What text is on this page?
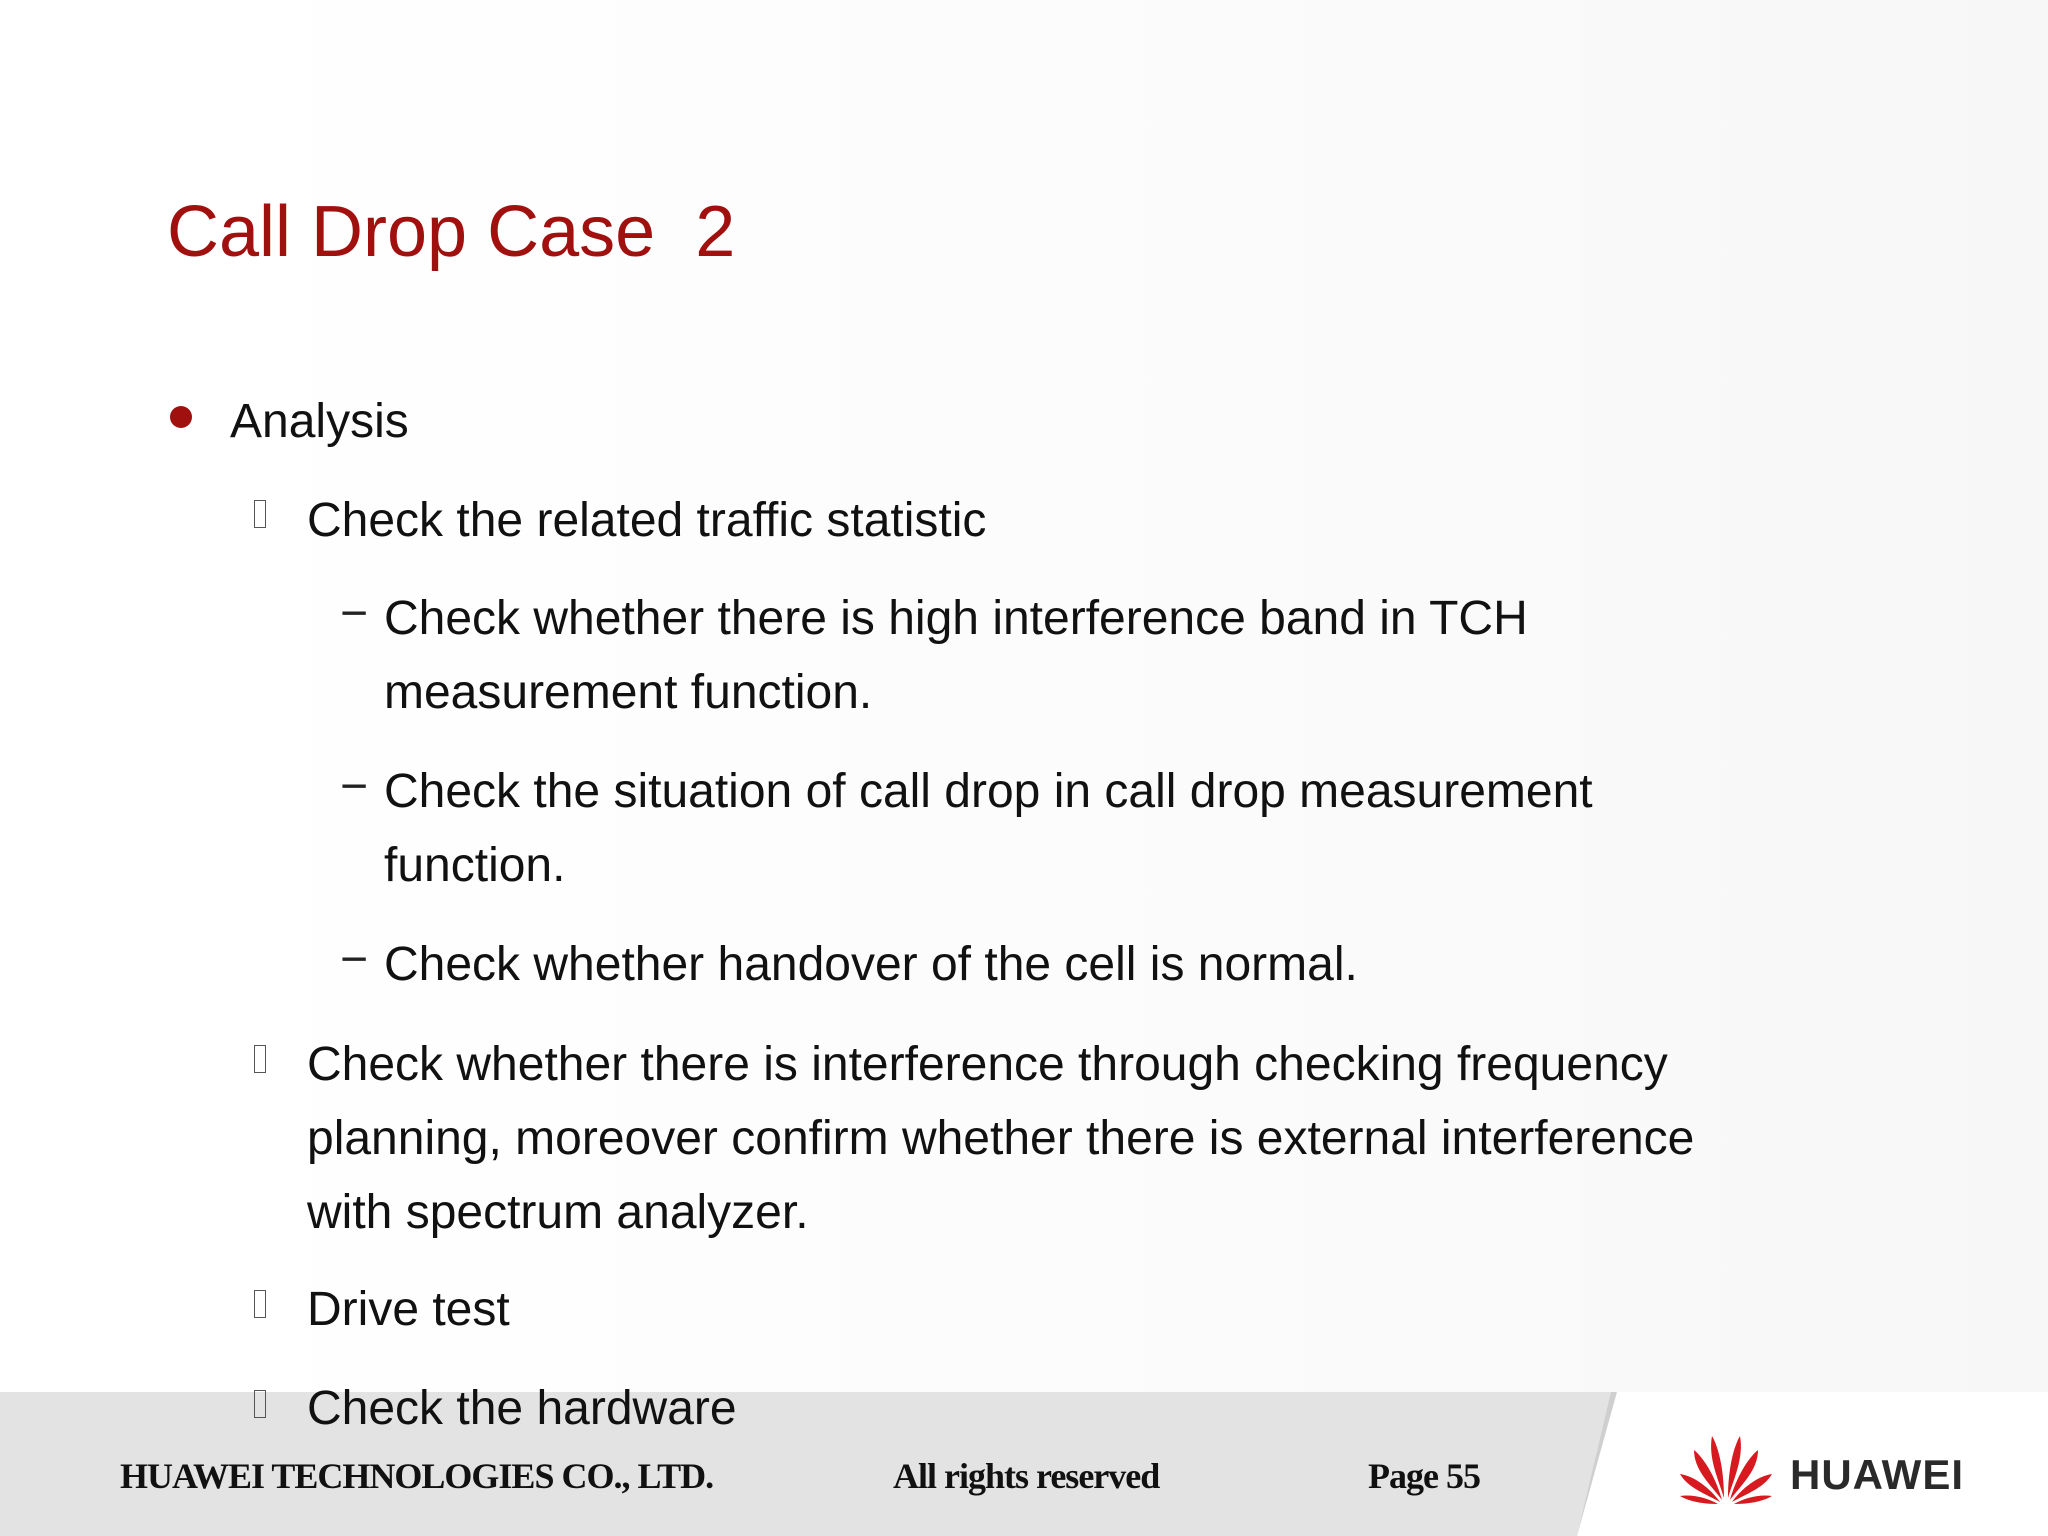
Call Drop Case  2
Analysis
Check the related traffic statistic
− Check whether there is high interference band in TCH
measurement function.
− Check the situation of call drop in call drop measurement
function.
− Check whether handover of the cell is normal.
Check whether there is interference through checking frequency
planning, moreover confirm whether there is external interference
with spectrum analyzer.
Drive test
Check the hardware
HUAWEI TECHNOLOGIES CO., LTD.	All rights reserved	Page 55	HUAWEI
